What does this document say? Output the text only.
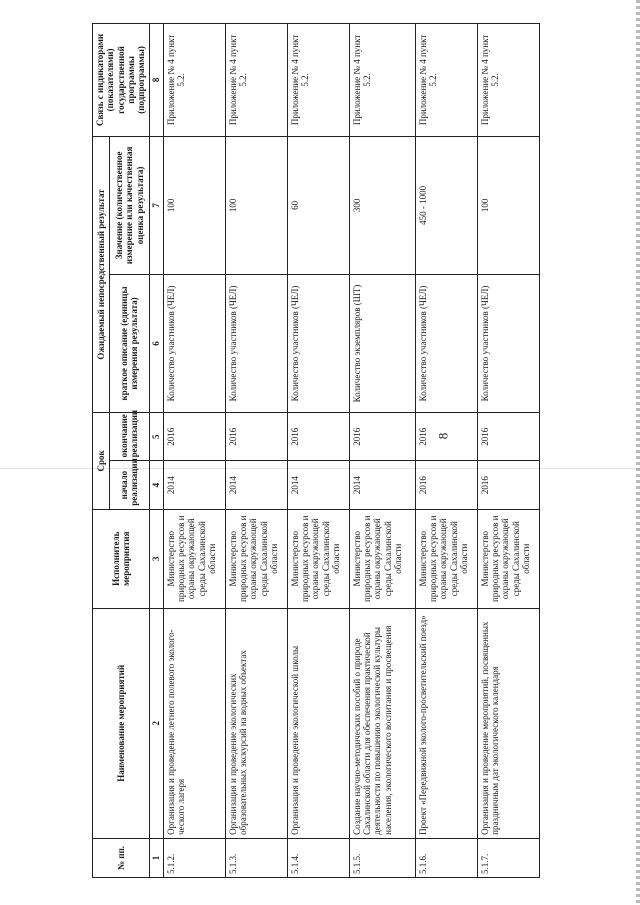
8
№ пп.	Наименование мероприятий	Исполнитель мероприятия	Срок		Ожидаемый непосредственный результат		Связь с индикаторами (показателями) государственной программы (подпрограммы)
			начало реализации	окончание реализации	краткое описание (единицы измерения результата)	Значение (количественное измерение или качественная оценка результата)	
1	2	3	4	5	6	7	8
5.1.2.	Организация и проведение летнего полевого эколого-ческого лагеря	Министерство природных ресурсов и охраны окружающей среды Сахалинской области	2014	2016	Количество участников (ЧЕЛ)	100	Приложение № 4 пункт 5.2.
5.1.3.	Организация и проведение экологических образовательных экскурсий на водных объектах	Министерство природных ресурсов и охраны окружающей среды Сахалинской области	2014	2016	Количество участников (ЧЕЛ)	100	Приложение № 4 пункт 5.2.
5.1.4.	Организация и проведение экологической школы	Министерство природных ресурсов и охраны окружающей среды Сахалинской области	2014	2016	Количество участников (ЧЕЛ)	60	Приложение № 4 пункт 5.2.
5.1.5.	Создание научно-методических пособий о природе Сахалинской области для обеспечения практической деятельности по повышению экологической культуры населения, экологического воспитания и просвещения	Министерство природных ресурсов и охраны окружающей среды Сахалинской области	2014	2016	Количество экземпляров (ШТ)	300	Приложение № 4 пункт 5.2.
5.1.6.	Проект «Передвижной эколого-просветительский поезд»	Министерство природных ресурсов и охраны окружающей среды Сахалинской области	2016	2016	Количество участников (ЧЕЛ)	450 - 1000	Приложение № 4 пункт 5.2.
5.1.7.	Организация и проведение мероприятий, посвященных праздничным дат экологического календаря	Министерство природных ресурсов и охраны окружающей среды Сахалинской области	2016	2016	Количество участников (ЧЕЛ)	100	Приложение № 4 пункт 5.2.
